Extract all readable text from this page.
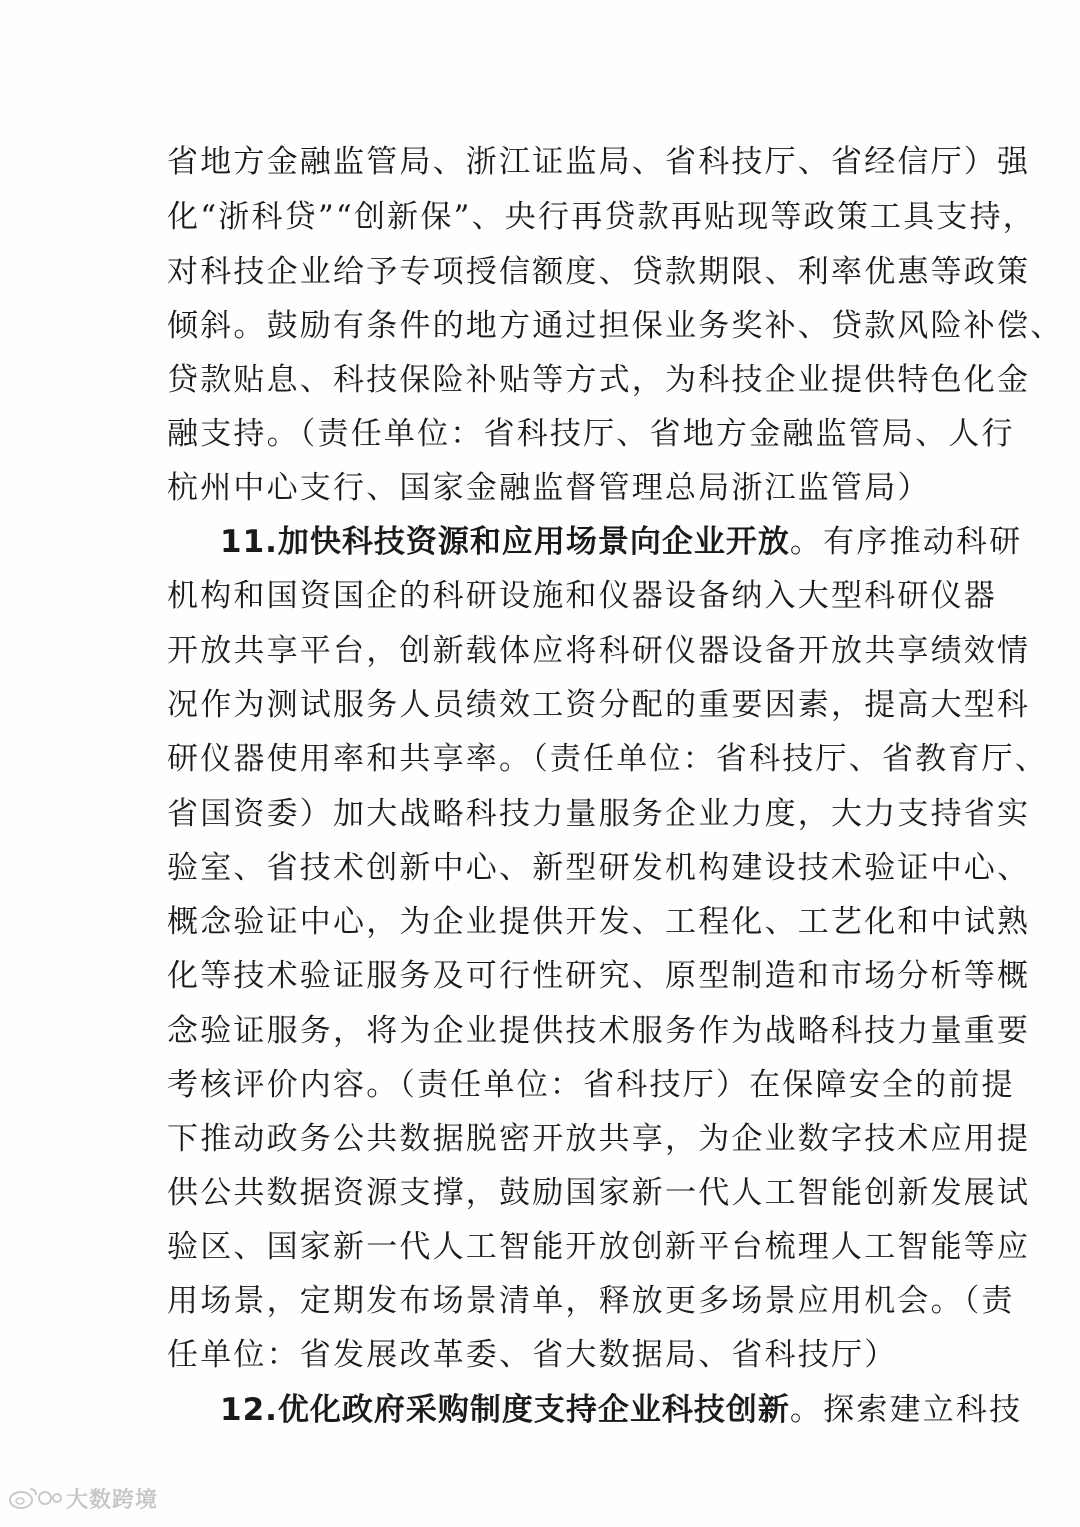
省地方金融监管局、浙江证监局、省科技厅、省经信厅）强
化“浙科贷”“创新保”、央行再贷款再贴现等政策工具支持，
对科技企业给予专项授信额度、贷款期限、利率优惠等政策
倾斜。鼓励有条件的地方通过担保业务奖补、贷款风险补偿、
贷款贴息、科技保险补贴等方式，为科技企业提供特色化金
融支持。（责任单位：省科技厅、省地方金融监管局、人行
杭州中心支行、国家金融监督管理总局浙江监管局）
11.加快科技资源和应用场景向企业开放。有序推动科研
机构和国资国企的科研设施和仪器设备纳入大型科研仪器
开放共享平台，创新载体应将科研仪器设备开放共享绩效情
况作为测试服务人员绩效工资分配的重要因素，提高大型科
研仪器使用率和共享率。（责任单位：省科技厅、省教育厅、
省国资委）加大战略科技力量服务企业力度，大力支持省实
验室、省技术创新中心、新型研发机构建设技术验证中心、
概念验证中心，为企业提供开发、工程化、工艺化和中试熟
化等技术验证服务及可行性研究、原型制造和市场分析等概
念验证服务，将为企业提供技术服务作为战略科技力量重要
考核评价内容。（责任单位：省科技厅）在保障安全的前提
下推动政务公共数据脱密开放共享，为企业数字技术应用提
供公共数据资源支撑，鼓励国家新一代人工智能创新发展试
验区、国家新一代人工智能开放创新平台梳理人工智能等应
用场景，定期发布场景清单，释放更多场景应用机会。（责
任单位：省发展改革委、省大数据局、省科技厅）
12.优化政府采购制度支持企业科技创新。探索建立科技
大数跨境
